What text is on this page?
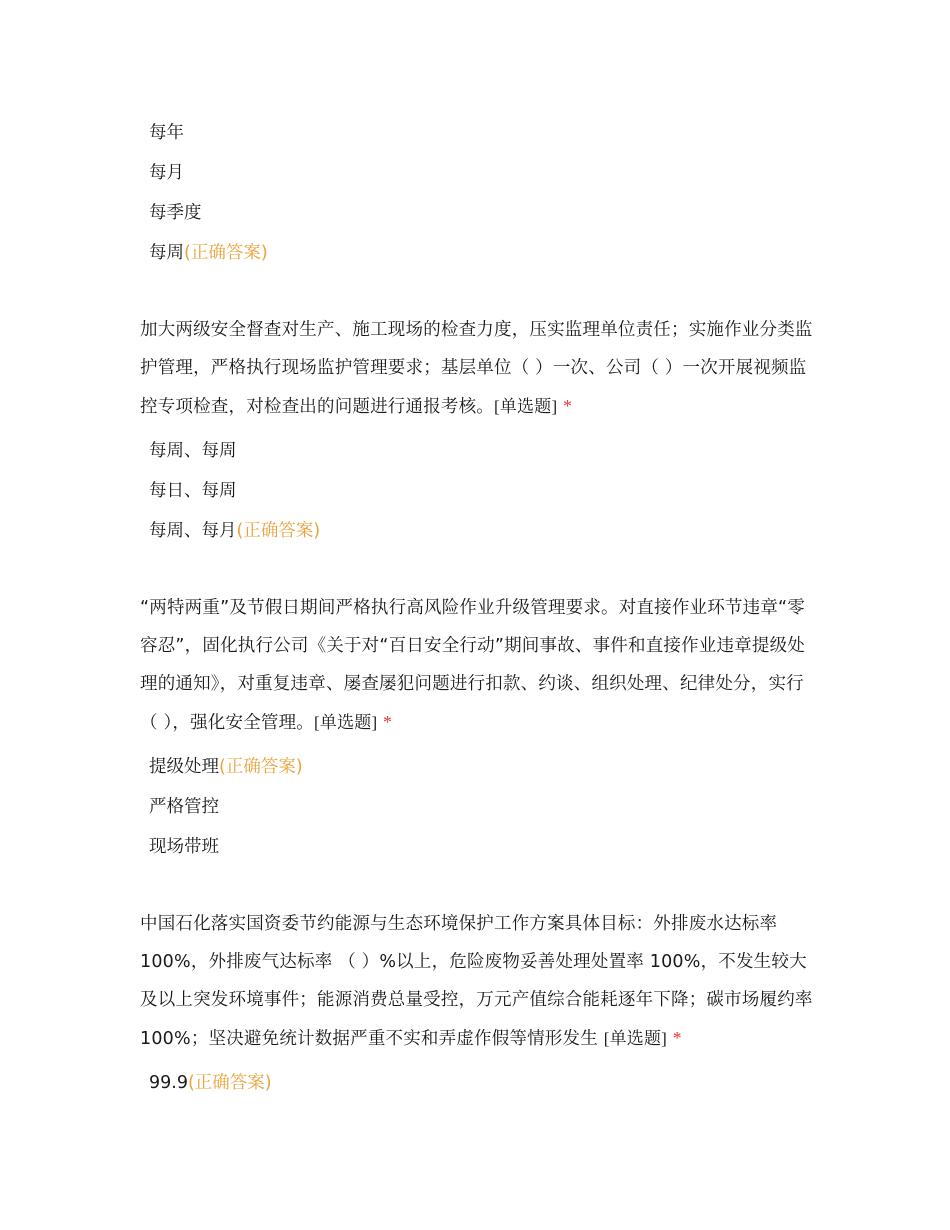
每年
每月
每季度
每周(正确答案)
加大两级安全督查对生产、施工现场的检查力度，压实监理单位责任；实施作业分类监护管理，严格执行现场监护管理要求；基层单位（ ）一次、公司（ ）一次开展视频监控专项检查，对检查出的问题进行通报考核。[单选题] *
每周、每周
每日、每周
每周、每月(正确答案)
“两特两重”及节假日期间严格执行高风险作业升级管理要求。对直接作业环节违章“零容忍”，固化执行公司《关于对“百日安全行动”期间事故、事件和直接作业违章提级处理的通知》，对重复违章、屡查屡犯问题进行扣款、约谈、组织处理、纪律处分，实行（ ），强化安全管理。[单选题] *
提级处理(正确答案)
严格管控
现场带班
中国石化落实国资委节约能源与生态环境保护工作方案具体目标：外排废水达标率100%，外排废气达标率 （ ）%以上，危险废物妥善处理处置率 100%，不发生较大及以上突发环境事件；能源消费总量受控，万元产值综合能耗逐年下降；碳市场履约率 100%；坚决避免统计数据严重不实和弄虚作假等情形发生 [单选题] *
99.9(正确答案)
